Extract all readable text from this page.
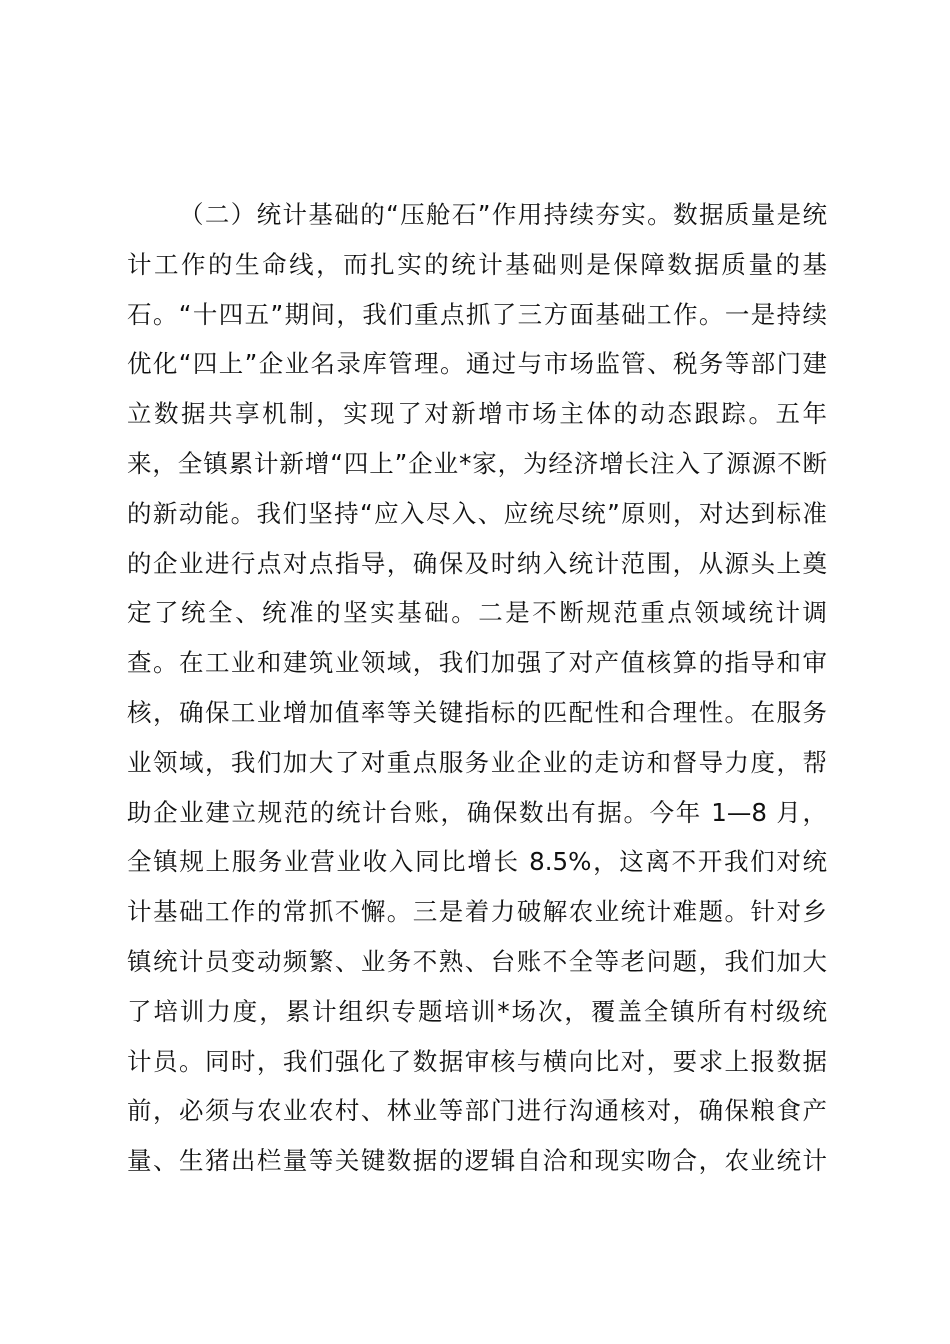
（二）统计基础的“压舱石”作用持续夯实。数据质量是统
计工作的生命线，而扎实的统计基础则是保障数据质量的基
石。“十四五”期间，我们重点抓了三方面基础工作。一是持续
优化“四上”企业名录库管理。通过与市场监管、税务等部门建
立数据共享机制，实现了对新增市场主体的动态跟踪。五年
来，全镇累计新增“四上”企业*家，为经济增长注入了源源不断
的新动能。我们坚持“应入尽入、应统尽统”原则，对达到标准
的企业进行点对点指导，确保及时纳入统计范围，从源头上奠
定了统全、统准的坚实基础。二是不断规范重点领域统计调
查。在工业和建筑业领域，我们加强了对产值核算的指导和审
核，确保工业增加值率等关键指标的匹配性和合理性。在服务
业领域，我们加大了对重点服务业企业的走访和督导力度，帮
助企业建立规范的统计台账，确保数出有据。今年 1—8 月，
全镇规上服务业营业收入同比增长 8.5%，这离不开我们对统
计基础工作的常抓不懈。三是着力破解农业统计难题。针对乡
镇统计员变动频繁、业务不熟、台账不全等老问题，我们加大
了培训力度，累计组织专题培训*场次，覆盖全镇所有村级统
计员。同时，我们强化了数据审核与横向比对，要求上报数据
前，必须与农业农村、林业等部门进行沟通核对，确保粮食产
量、生猪出栏量等关键数据的逻辑自洽和现实吻合，农业统计
